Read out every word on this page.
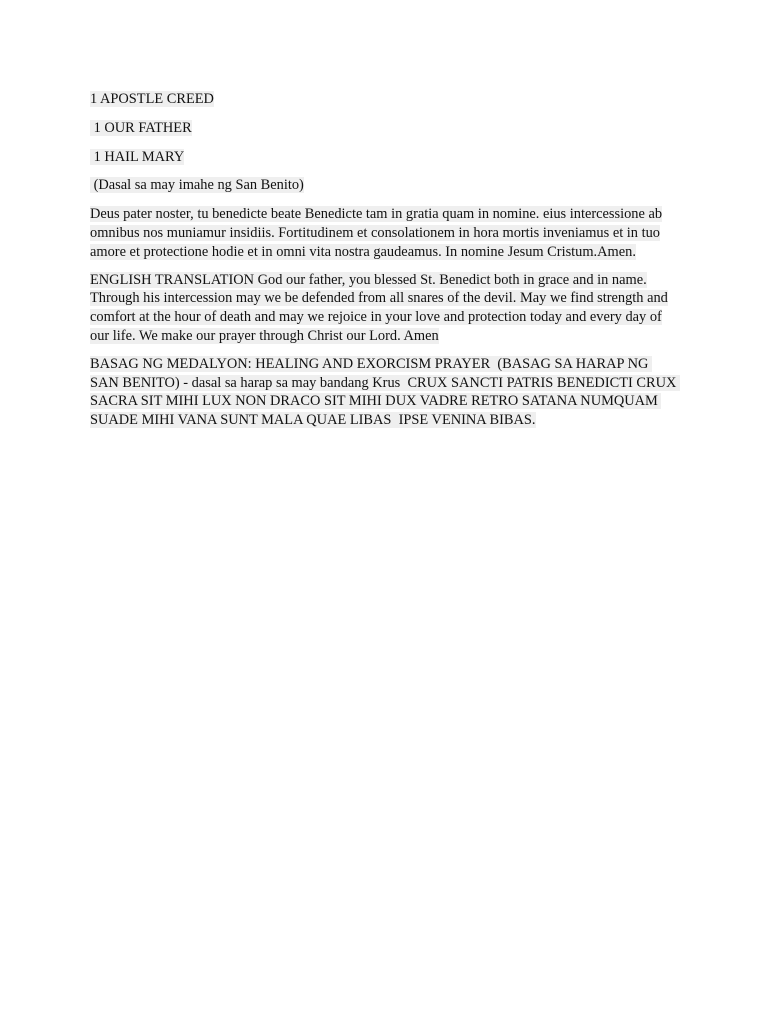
1 APOSTLE CREED

1 OUR FATHER

1 HAIL MARY

(Dasal sa may imahe ng San Benito)

Deus pater noster, tu benedicte beate Benedicte tam in gratia quam in nomine. eius intercessione ab omnibus nos muniamur insidiis. Fortitudinem et consolationem in hora mortis inveniamus et in tuo amore et protectione hodie et in omni vita nostra gaudeamus. In nomine Jesum Cristum.Amen.

ENGLISH TRANSLATION God our father, you blessed St. Benedict both in grace and in name. Through his intercession may we be defended from all snares of the devil. May we find strength and comfort at the hour of death and may we rejoice in your love and protection today and every day of our life. We make our prayer through Christ our Lord. Amen

BASAG NG MEDALYON: HEALING AND EXORCISM PRAYER  (BASAG SA HARAP NG SAN BENITO) - dasal sa harap sa may bandang Krus  CRUX SANCTI PATRIS BENEDICTI CRUX SACRA SIT MIHI LUX NON DRACO SIT MIHI DUX VADRE RETRO SATANA NUMQUAM SUADE MIHI VANA SUNT MALA QUAE LIBAS  IPSE VENINA BIBAS.
